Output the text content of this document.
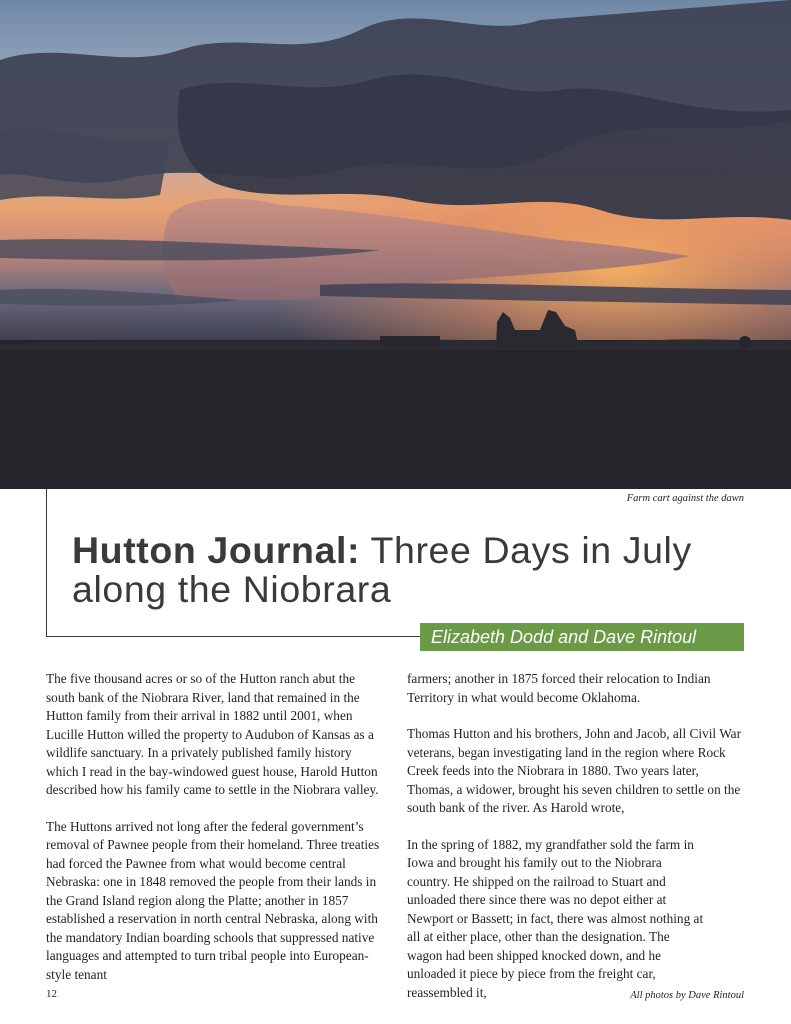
Farm cart against the dawn
Hutton Journal: Three Days in July along the Niobrara
Elizabeth Dodd and Dave Rintoul

The five thousand acres or so of the Hutton ranch abut the south bank of the Niobrara River, land that remained in the Hutton family from their arrival in 1882 until 2001, when Lucille Hutton willed the property to Audubon of Kansas as a wildlife sanctuary. In a privately published family history which I read in the bay-windowed guest house, Harold Hutton described how his family came to settle in the Niobrara valley.

The Huttons arrived not long after the federal government’s removal of Pawnee people from their homeland. Three treaties had forced the Pawnee from what would become central Nebraska: one in 1848 removed the people from their lands in the Grand Island region along the Platte; another in 1857 established a reservation in north central Nebraska, along with the mandatory Indian boarding schools that suppressed native languages and attempted to turn tribal people into European-style tenant

farmers; another in 1875 forced their relocation to Indian Territory in what would become Oklahoma.

Thomas Hutton and his brothers, John and Jacob, all Civil War veterans, began investigating land in the region where Rock Creek feeds into the Niobrara in 1880. Two years later, Thomas, a widower, brought his seven children to settle on the south bank of the river. As Harold wrote,

In the spring of 1882, my grandfather sold the farm in Iowa and brought his family out to the Niobrara country. He shipped on the railroad to Stuart and unloaded there since there was no depot either at Newport or Bassett; in fact, there was almost nothing at all at either place, other than the designation. The wagon had been shipped knocked down, and he unloaded it piece by piece from the freight car, reassembled it,

12	All photos by Dave Rintoul
